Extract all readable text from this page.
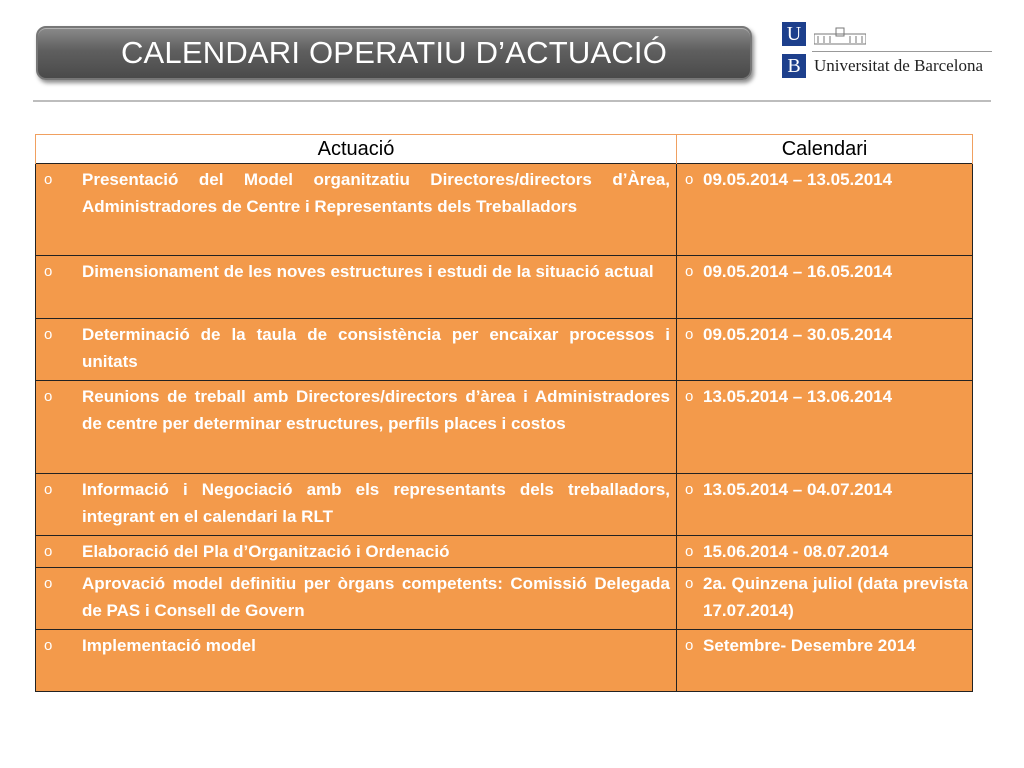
CALENDARI OPERATIU D’ACTUACIÓ
U
B Universitat de Barcelona
Actuació	Calendari

o Presentació del Model organitzatiu Directores/directors d’Àrea, Administradores de Centre i Representants dels Treballadors	o 09.05.2014 – 13.05.2014

o Dimensionament de les noves estructures i estudi de la situació actual	o 09.05.2014 – 16.05.2014

o Determinació de la taula de consistència per encaixar processos i unitats	o 09.05.2014 – 30.05.2014

o Reunions de treball amb Directores/directors d’àrea i Administradores de centre per determinar estructures, perfils places i costos	o 13.05.2014 – 13.06.2014

o Informació i Negociació amb els representants dels treballadors, integrant en el calendari la RLT	o 13.05.2014 – 04.07.2014

o Elaboració del Pla d’Organització i Ordenació	o 15.06.2014 - 08.07.2014

o Aprovació model definitiu per òrgans competents: Comissió Delegada de PAS i Consell de Govern	o 2a. Quinzena juliol (data prevista 17.07.2014)

o Implementació model	o Setembre- Desembre 2014
